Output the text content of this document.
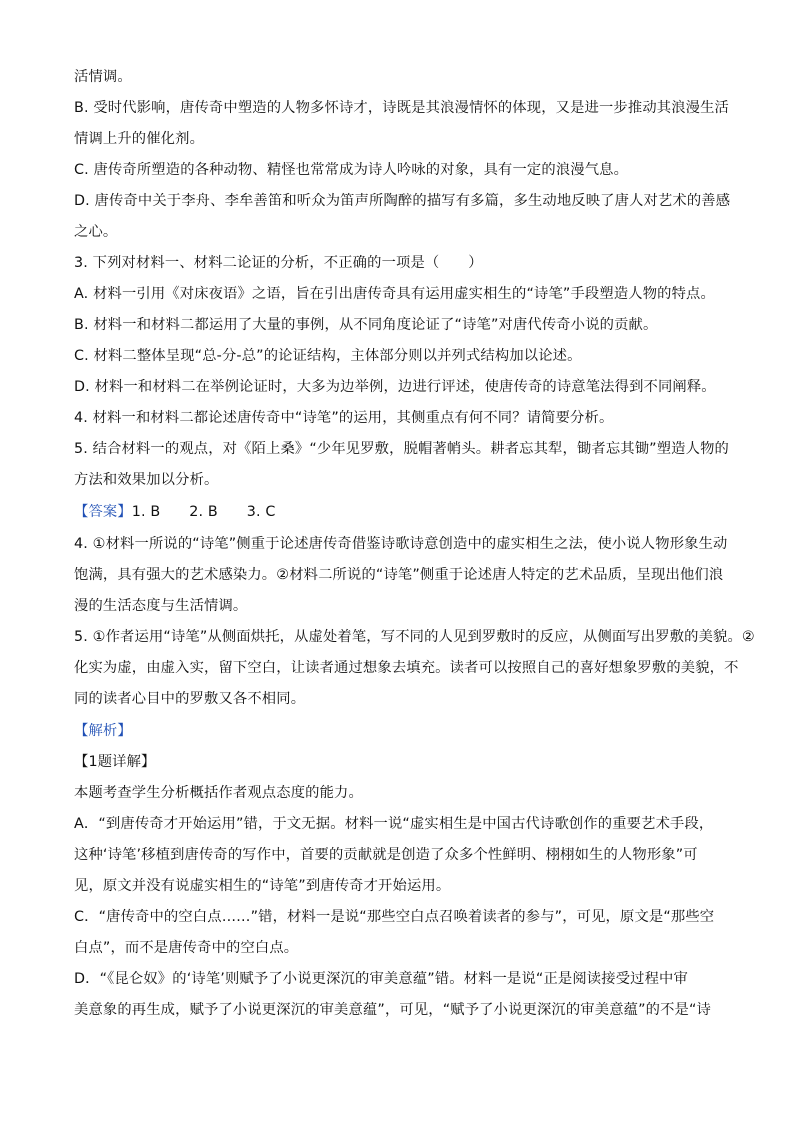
活情调。
B. 受时代影响，唐传奇中塑造的人物多怀诗才，诗既是其浪漫情怀的体现，又是进一步推动其浪漫生活
情调上升的催化剂。
C. 唐传奇所塑造的各种动物、精怪也常常成为诗人吟咏的对象，具有一定的浪漫气息。
D. 唐传奇中关于李舟、李牟善笛和听众为笛声所陶醉的描写有多篇，多生动地反映了唐人对艺术的善感
之心。
3. 下列对材料一、材料二论证的分析，不正确的一项是（　　）
A. 材料一引用《对床夜语》之语，旨在引出唐传奇具有运用虚实相生的“诗笔”手段塑造人物的特点。
B. 材料一和材料二都运用了大量的事例，从不同角度论证了“诗笔”对唐代传奇小说的贡献。
C. 材料二整体呈现“总-分-总”的论证结构，主体部分则以并列式结构加以论述。
D. 材料一和材料二在举例论证时，大多为边举例，边进行评述，使唐传奇的诗意笔法得到不同阐释。
4. 材料一和材料二都论述唐传奇中“诗笔”的运用，其侧重点有何不同？请简要分析。
5. 结合材料一的观点，对《陌上桑》“少年见罗敷，脱帽著帩头。耕者忘其犁，锄者忘其锄”塑造人物的
方法和效果加以分析。
【答案】1. B　　2. B　　3. C
4. ①材料一所说的“诗笔”侧重于论述唐传奇借鉴诗歌诗意创造中的虚实相生之法，使小说人物形象生动
饱满，具有强大的艺术感染力。②材料二所说的“诗笔”侧重于论述唐人特定的艺术品质，呈现出他们浪
漫的生活态度与生活情调。
5. ①作者运用“诗笔”从侧面烘托，从虚处着笔，写不同的人见到罗敷时的反应，从侧面写出罗敷的美貌。②
化实为虚，由虚入实，留下空白，让读者通过想象去填充。读者可以按照自己的喜好想象罗敷的美貌，不
同的读者心目中的罗敷又各不相同。
【解析】
【1题详解】
本题考查学生分析概括作者观点态度的能力。
A．“到唐传奇才开始运用”错，于文无据。材料一说“虚实相生是中国古代诗歌创作的重要艺术手段，
这种‘诗笔’移植到唐传奇的写作中，首要的贡献就是创造了众多个性鲜明、栩栩如生的人物形象”可
见，原文并没有说虚实相生的“诗笔”到唐传奇才开始运用。
C．“唐传奇中的空白点……”错，材料一是说“那些空白点召唤着读者的参与”，可见，原文是“那些空
白点”，而不是唐传奇中的空白点。
D．“《昆仑奴》的‘诗笔’则赋予了小说更深沉的审美意蕴”错。材料一是说“正是阅读接受过程中审
美意象的再生成，赋予了小说更深沉的审美意蕴”，可见，“赋予了小说更深沉的审美意蕴”的不是“诗
